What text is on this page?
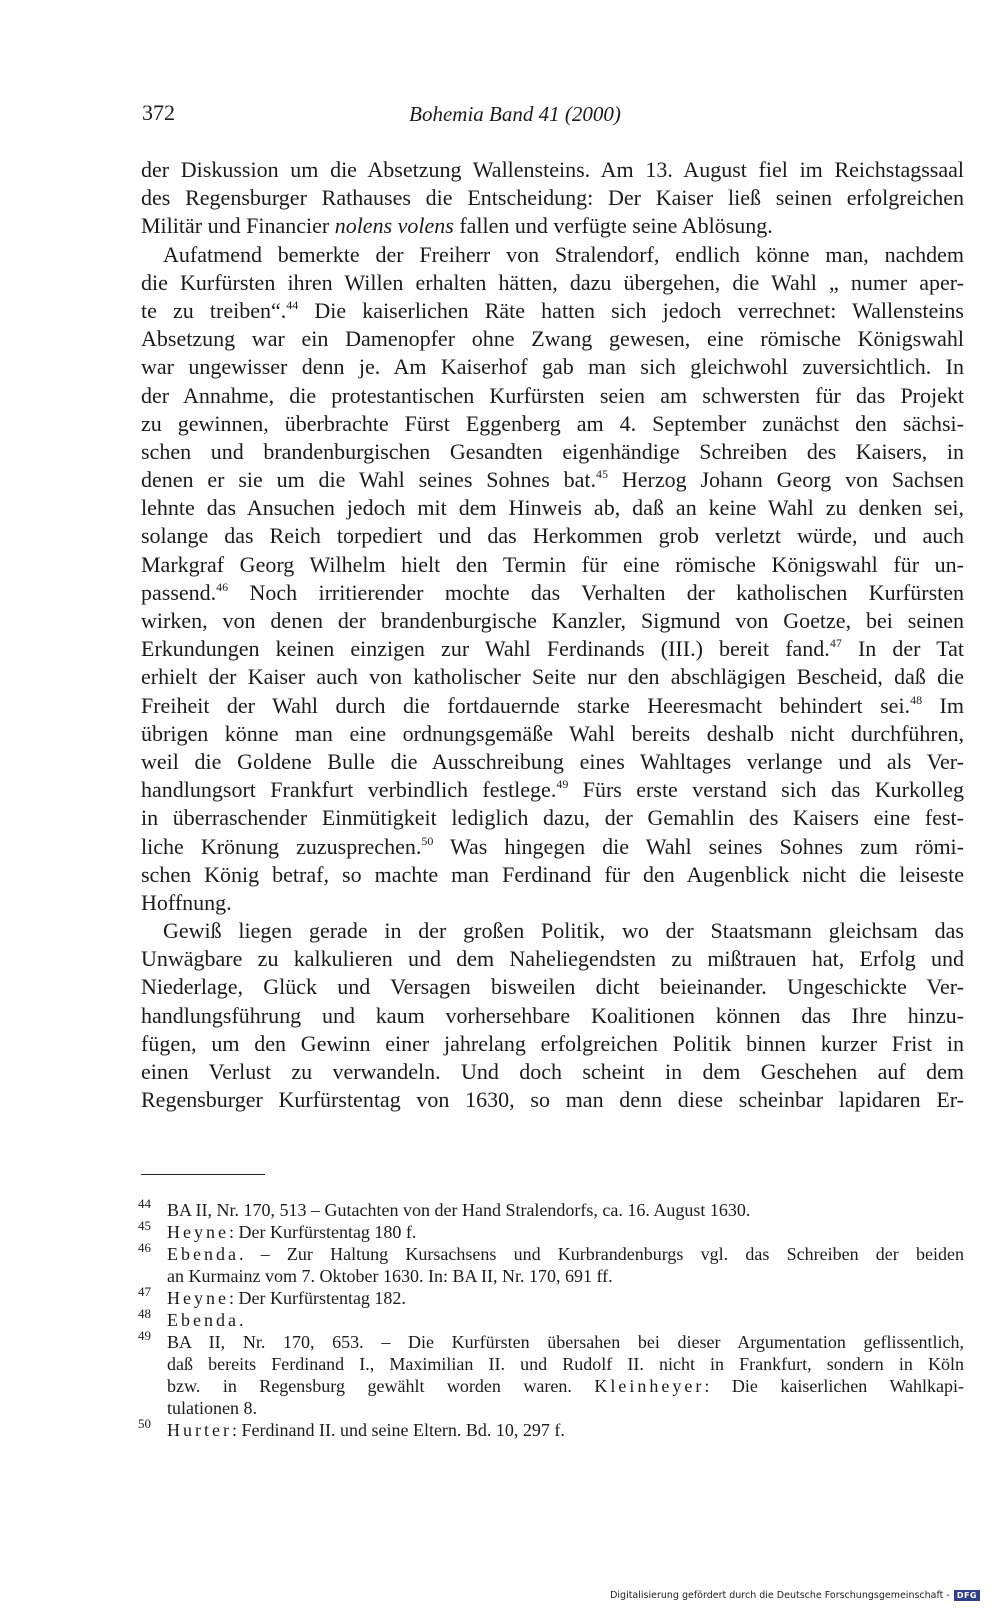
372	Bohemia Band 41 (2000)
der Diskussion um die Absetzung Wallensteins. Am 13. August fiel im Reichstagssaal
des Regensburger Rathauses die Entscheidung: Der Kaiser ließ seinen erfolgreichen
Militär und Financier nolens volens fallen und verfügte seine Ablösung.
Aufatmend bemerkte der Freiherr von Stralendorf, endlich könne man, nachdem
die Kurfürsten ihren Willen erhalten hätten, dazu übergehen, die Wahl „ numer aper-
te zu treiben“.$^{44}$ Die kaiserlichen Räte hatten sich jedoch verrechnet: Wallensteins
Absetzung war ein Damenopfer ohne Zwang gewesen, eine römische Königswahl
war ungewisser denn je. Am Kaiserhof gab man sich gleichwohl zuversichtlich. In
der Annahme, die protestantischen Kurfürsten seien am schwersten für das Projekt
zu gewinnen, überbrachte Fürst Eggenberg am 4. September zunächst den sächsi-
schen und brandenburgischen Gesandten eigenhändige Schreiben des Kaisers, in
denen er sie um die Wahl seines Sohnes bat.$^{45}$ Herzog Johann Georg von Sachsen
lehnte das Ansuchen jedoch mit dem Hinweis ab, daß an keine Wahl zu denken sei,
solange das Reich torpediert und das Herkommen grob verletzt würde, und auch
Markgraf Georg Wilhelm hielt den Termin für eine römische Königswahl für un-
passend.$^{46}$ Noch irritierender mochte das Verhalten der katholischen Kurfürsten
wirken, von denen der brandenburgische Kanzler, Sigmund von Goetze, bei seinen
Erkundungen keinen einzigen zur Wahl Ferdinands (III.) bereit fand.$^{47}$ In der Tat
erhielt der Kaiser auch von katholischer Seite nur den abschlägigen Bescheid, daß die
Freiheit der Wahl durch die fortdauernde starke Heeresmacht behindert sei.$^{48}$ Im
übrigen könne man eine ordnungsgemäße Wahl bereits deshalb nicht durchführen,
weil die Goldene Bulle die Ausschreibung eines Wahltages verlange und als Ver-
handlungsort Frankfurt verbindlich festlege.$^{49}$ Fürs erste verstand sich das Kurkolleg
in überraschender Einmütigkeit lediglich dazu, der Gemahlin des Kaisers eine fest-
liche Krönung zuzusprechen.$^{50}$ Was hingegen die Wahl seines Sohnes zum römi-
schen König betraf, so machte man Ferdinand für den Augenblick nicht die leiseste
Hoffnung.
Gewiß liegen gerade in der großen Politik, wo der Staatsmann gleichsam das
Unwägbare zu kalkulieren und dem Naheliegendsten zu mißtrauen hat, Erfolg und
Niederlage, Glück und Versagen bisweilen dicht beieinander. Ungeschickte Ver-
handlungsführung und kaum vorhersehbare Koalitionen können das Ihre hinzu-
fügen, um den Gewinn einer jahrelang erfolgreichen Politik binnen kurzer Frist in
einen Verlust zu verwandeln. Und doch scheint in dem Geschehen auf dem
Regensburger Kurfürstentag von 1630, so man denn diese scheinbar lapidaren Er-
44 BA II, Nr. 170, 513 – Gutachten von der Hand Stralendorfs, ca. 16. August 1630.
45 Heyne: Der Kurfürstentag 180 f.
46 Ebenda. – Zur Haltung Kursachsens und Kurbrandenburgs vgl. das Schreiben der beiden
an Kurmainz vom 7. Oktober 1630. In: BA II, Nr. 170, 691 ff.
47 Heyne: Der Kurfürstentag 182.
48 Ebenda.
49 BA II, Nr. 170, 653. – Die Kurfürsten übersahen bei dieser Argumentation geflissentlich,
daß bereits Ferdinand I., Maximilian II. und Rudolf II. nicht in Frankfurt, sondern in Köln
bzw. in Regensburg gewählt worden waren. Kleinheyer: Die kaiserlichen Wahlkapi-
tulationen 8.
50 Hurter: Ferdinand II. und seine Eltern. Bd. 10, 297 f.
Digitalisierung gefördert durch die Deutsche Forschungsgemeinschaft - DFG
